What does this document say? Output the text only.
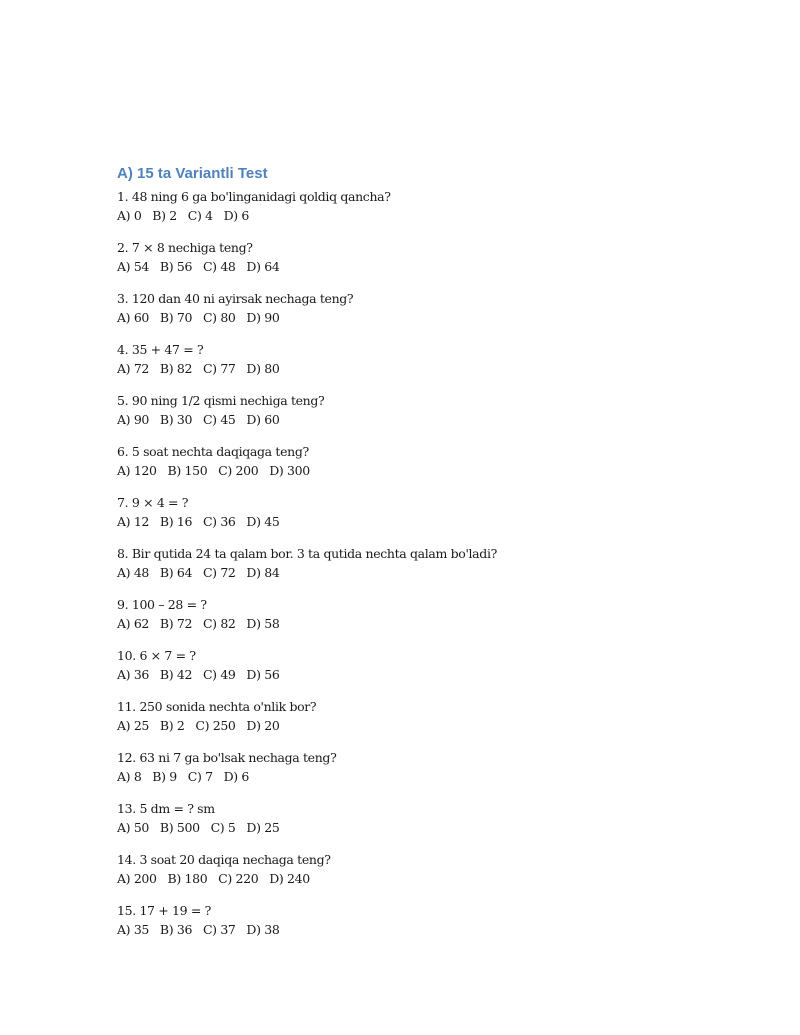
A) 15 ta Variantli Test
1. 48 ning 6 ga bo'linganidagi qoldiq qancha?
A) 0   B) 2   C) 4   D) 6
2. 7 × 8 nechiga teng?
A) 54   B) 56   C) 48   D) 64
3. 120 dan 40 ni ayirsak nechaga teng?
A) 60   B) 70   C) 80   D) 90
4. 35 + 47 = ?
A) 72   B) 82   C) 77   D) 80
5. 90 ning 1/2 qismi nechiga teng?
A) 90   B) 30   C) 45   D) 60
6. 5 soat nechta daqiqaga teng?
A) 120   B) 150   C) 200   D) 300
7. 9 × 4 = ?
A) 12   B) 16   C) 36   D) 45
8. Bir qutida 24 ta qalam bor. 3 ta qutida nechta qalam bo'ladi?
A) 48   B) 64   C) 72   D) 84
9. 100 – 28 = ?
A) 62   B) 72   C) 82   D) 58
10. 6 × 7 = ?
A) 36   B) 42   C) 49   D) 56
11. 250 sonida nechta o'nlik bor?
A) 25   B) 2   C) 250   D) 20
12. 63 ni 7 ga bo'lsak nechaga teng?
A) 8   B) 9   C) 7   D) 6
13. 5 dm = ? sm
A) 50   B) 500   C) 5   D) 25
14. 3 soat 20 daqiqa nechaga teng?
A) 200   B) 180   C) 220   D) 240
15. 17 + 19 = ?
A) 35   B) 36   C) 37   D) 38
